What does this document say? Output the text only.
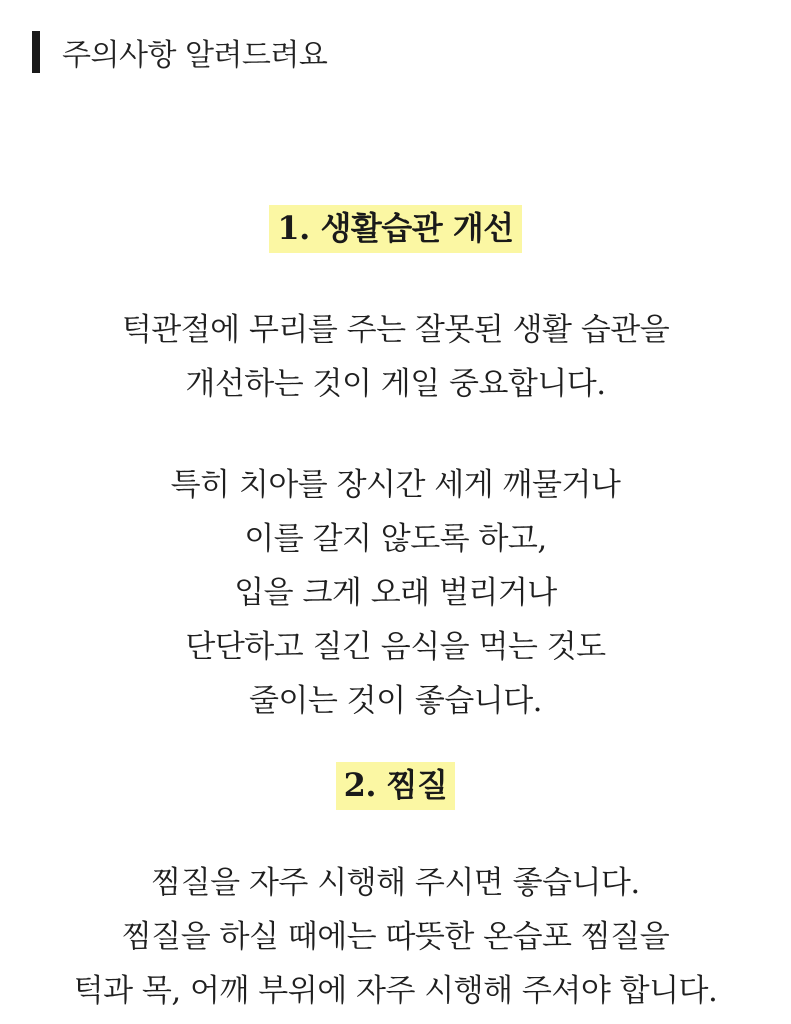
주의사항 알려드려요
1. 생활습관 개선
턱관절에 무리를 주는 잘못된 생활 습관을
개선하는 것이 게일 중요합니다.
특히 치아를 장시간 세게 깨물거나
이를 갈지 않도록 하고,
입을 크게 오래 벌리거나
단단하고 질긴 음식을 먹는 것도
줄이는 것이 좋습니다.
2. 찜질
찜질을 자주 시행해 주시면 좋습니다.
찜질을 하실 때에는 따뜻한 온습포 찜질을
턱과 목, 어깨 부위에 자주 시행해 주셔야 합니다.
